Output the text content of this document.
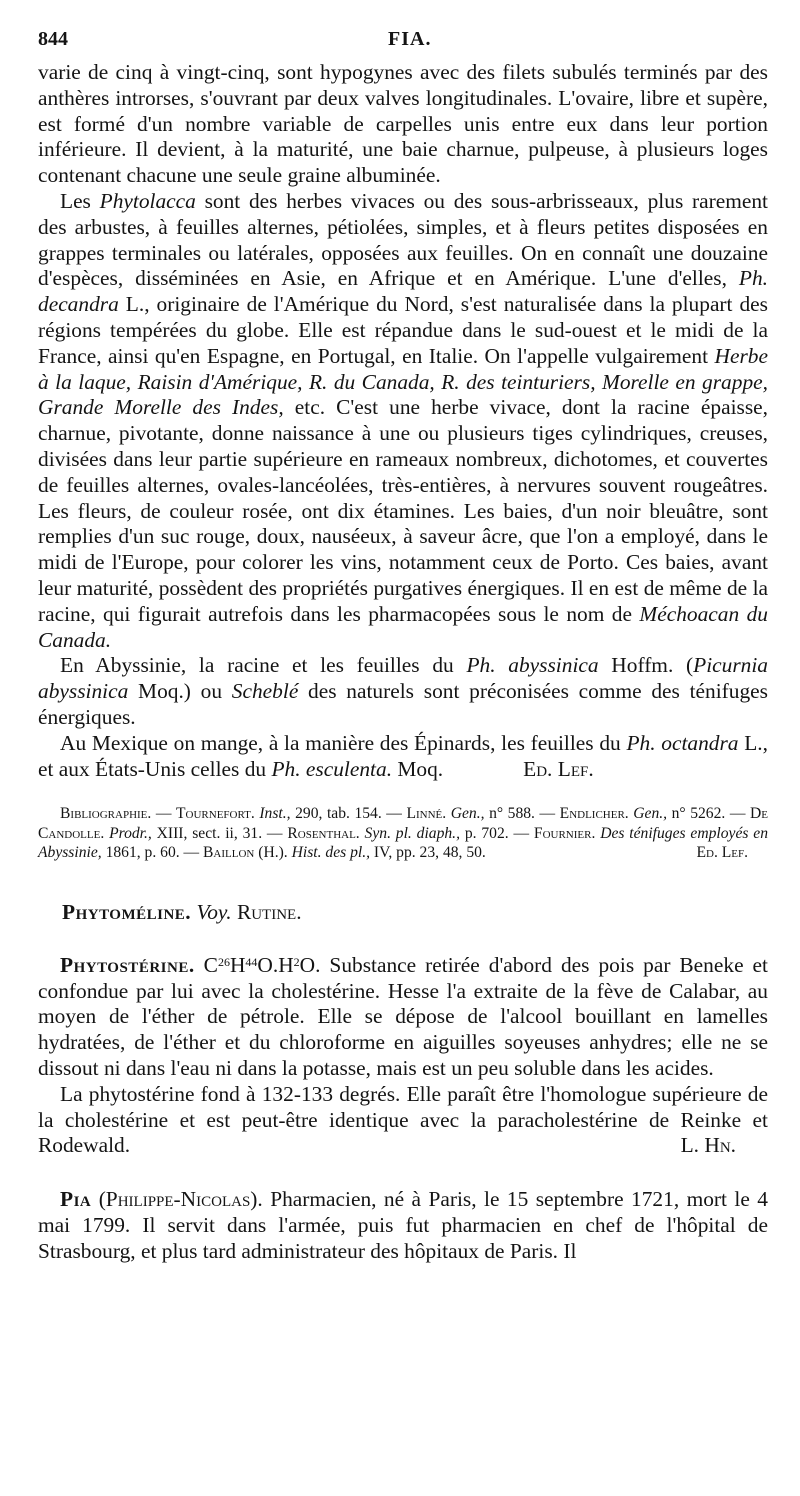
844	FIA.

varie de cinq à vingt-cinq, sont hypogynes avec des filets subulés terminés par des anthères introrses, s'ouvrant par deux valves longitudinales. L'ovaire, libre et supère, est formé d'un nombre variable de carpelles unis entre eux dans leur portion inférieure. Il devient, à la maturité, une baie charnue, pulpeuse, à plusieurs loges contenant chacune une seule graine albuminée.

Les Phytolacca sont des herbes vivaces ou des sous-arbrisseaux, plus rarement des arbustes, à feuilles alternes, pétiolées, simples, et à fleurs petites disposées en grappes terminales ou latérales, opposées aux feuilles. On en connaît une douzaine d'espèces, disséminées en Asie, en Afrique et en Amérique. L'une d'elles, Ph. decandra L., originaire de l'Amérique du Nord, s'est naturalisée dans la plupart des régions tempérées du globe. Elle est répandue dans le sud-ouest et le midi de la France, ainsi qu'en Espagne, en Portugal, en Italie. On l'appelle vulgairement Herbe à la laque, Raisin d'Amérique, R. du Canada, R. des teinturiers, Morelle en grappe, Grande Morelle des Indes, etc. C'est une herbe vivace, dont la racine épaisse, charnue, pivotante, donne naissance à une ou plusieurs tiges cylindriques, creuses, divisées dans leur partie supérieure en rameaux nombreux, dichotomes, et couvertes de feuilles alternes, ovales-lancéolées, très-entières, à nervures souvent rougeâtres. Les fleurs, de couleur rosée, ont dix étamines. Les baies, d'un noir bleuâtre, sont remplies d'un suc rouge, doux, nauséeux, à saveur âcre, que l'on a employé, dans le midi de l'Europe, pour colorer les vins, notamment ceux de Porto. Ces baies, avant leur maturité, possèdent des propriétés purgatives énergiques. Il en est de même de la racine, qui figurait autrefois dans les pharmacopées sous le nom de Méchoacan du Canada.

En Abyssinie, la racine et les feuilles du Ph. abyssinica Hoffm. (Picurnia abyssinica Moq.) ou Scheblé des naturels sont préconisées comme des ténifuges énergiques.

Au Mexique on mange, à la manière des Épinards, les feuilles du Ph. octandra L., et aux États-Unis celles du Ph. esculenta. Moq.	Ed. Lef.

Bibliographie. — Tournefort. Inst., 290, tab. 154. — Linné. Gen., n° 588. — Endlicher. Gen., n° 5262. — De Candolle. Prodr., XIII, sect. ii, 31. — Rosenthal. Syn. pl. diaph., p. 702. — Fournier. Des ténifuges employés en Abyssinie, 1861, p. 60. — Baillon (H.). Hist. des pl., IV, pp. 23, 48, 50.	Ed. Lef.

Phytoméline. Voy. Rutine.

Phytostérine. $C^{26}H^{44}O.H^2O$. Substance retirée d'abord des pois par Beneke et confondue par lui avec la cholestérine. Hesse l'a extraite de la fève de Calabar, au moyen de l'éther de pétrole. Elle se dépose de l'alcool bouillant en lamelles hydratées, de l'éther et du chloroforme en aiguilles soyeuses anhydres; elle ne se dissout ni dans l'eau ni dans la potasse, mais est un peu soluble dans les acides.

La phytostérine fond à 132-133 degrés. Elle paraît être l'homologue supérieure de la cholestérine et est peut-être identique avec la paracholestérine de Reinke et Rodewald.	L. Hn.

Pia (Philippe-Nicolas). Pharmacien, né à Paris, le 15 septembre 1721, mort le 4 mai 1799. Il servit dans l'armée, puis fut pharmacien en chef de l'hôpital de Strasbourg, et plus tard administrateur des hôpitaux de Paris. Il
